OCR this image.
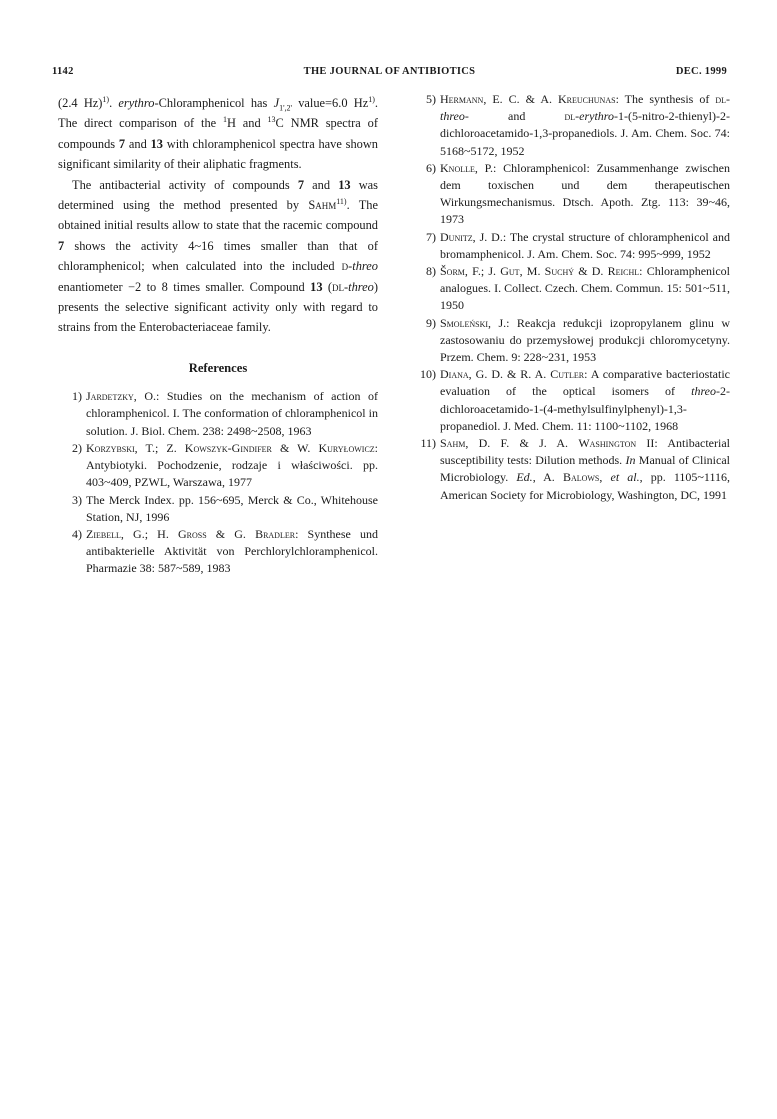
1142	THE JOURNAL OF ANTIBIOTICS	DEC. 1999

(2.4 Hz)$^{1)}$. erythro-Chloramphenicol has $J_{1',2'}$ value=6.0 Hz$^{1)}$. The direct comparison of the $^1$H and $^{13}$C NMR spectra of compounds 7 and 13 with chloramphenicol spectra have shown significant similarity of their aliphatic fragments.

The antibacterial activity of compounds 7 and 13 was determined using the method presented by Sahm$^{11)}$. The obtained initial results allow to state that the racemic compound 7 shows the activity 4~16 times smaller than that of chloramphenicol; when calculated into the included d-threo enantiometer −2 to 8 times smaller. Compound 13 (dl-threo) presents the selective significant activity only with regard to strains from the Enterobacteriaceae family.

References

1) Jardetzky, O.: Studies on the mechanism of action of chloramphenicol. I. The conformation of chloramphenicol in solution. J. Biol. Chem. 238: 2498~2508, 1963
2) Korzybski, T.; Z. Kowszyk-Gindifer & W. Kuryłowicz: Antybiotyki. Pochodzenie, rodzaje i właściwości. pp. 403~409, PZWL, Warszawa, 1977
3) The Merck Index. pp. 156~695, Merck & Co., Whitehouse Station, NJ, 1996
4) Ziebell, G.; H. Gross & G. Bradler: Synthese und antibakterielle Aktivität von Perchlorylchloramphenicol. Pharmazie 38: 587~589, 1983
5) Hermann, E. C. & A. Kreuchunas: The synthesis of dl-threo- and dl-erythro-1-(5-nitro-2-thienyl)-2-dichloroacetamido-1,3-propanediols. J. Am. Chem. Soc. 74: 5168~5172, 1952
6) Knolle, P.: Chloramphenicol: Zusammenhange zwischen dem toxischen und dem therapeutischen Wirkungsmechanismus. Dtsch. Apoth. Ztg. 113: 39~46, 1973
7) Dunitz, J. D.: The crystal structure of chloramphenicol and bromamphenicol. J. Am. Chem. Soc. 74: 995~999, 1952
8) Šorm, F.; J. Gut, M. Suchý & D. Reichl: Chloramphenicol analogues. I. Collect. Czech. Chem. Commun. 15: 501~511, 1950
9) Smoleński, J.: Reakcja redukcji izopropylanem glinu w zastosowaniu do przemysłowej produkcji chloromycetyny. Przem. Chem. 9: 228~231, 1953
10) Diana, G. D. & R. A. Cutler: A comparative bacteriostatic evaluation of the optical isomers of threo-2-dichloroacetamido-1-(4-methylsulfinylphenyl)-1,3-propanediol. J. Med. Chem. 11: 1100~1102, 1968
11) Sahm, D. F. & J. A. Washington II: Antibacterial susceptibility tests: Dilution methods. In Manual of Clinical Microbiology. Ed., A. Balows, et al., pp. 1105~1116, American Society for Microbiology, Washington, DC, 1991
